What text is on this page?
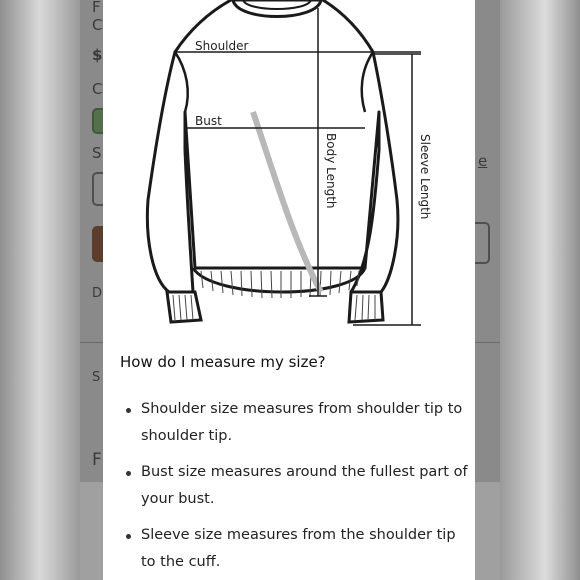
F
C
$
C
S	e
D
S
F
Shoulder
Bust
Body Length	Sleeve Length
How do I measure my size?
Shoulder size measures from shoulder tip to shoulder tip.
Bust size measures around the fullest part of your bust.
Sleeve size measures from the shoulder tip to the cuff.
